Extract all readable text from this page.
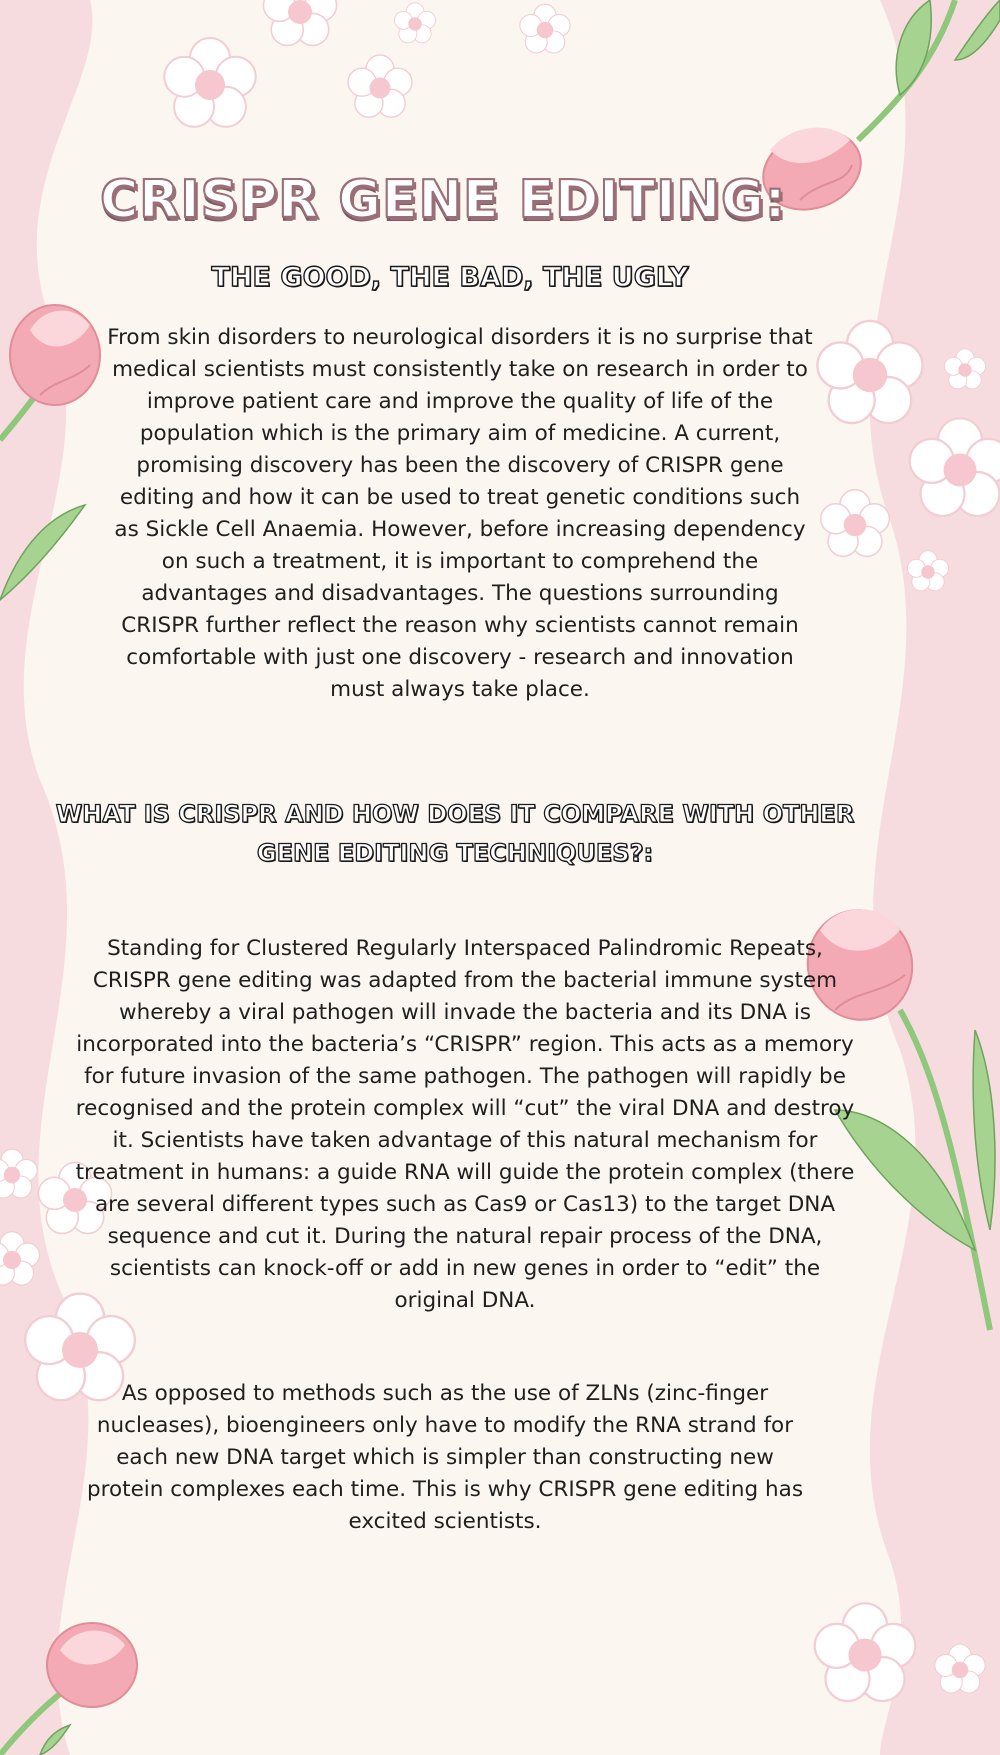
CRISPR GENE EDITING:
THE GOOD, THE BAD, THE UGLY

From skin disorders to neurological disorders it is no surprise that medical scientists must consistently take on research in order to improve patient care and improve the quality of life of the population which is the primary aim of medicine. A current, promising discovery has been the discovery of CRISPR gene editing and how it can be used to treat genetic conditions such as Sickle Cell Anaemia. However, before increasing dependency on such a treatment, it is important to comprehend the advantages and disadvantages. The questions surrounding CRISPR further reflect the reason why scientists cannot remain comfortable with just one discovery - research and innovation must always take place.

WHAT IS CRISPR AND HOW DOES IT COMPARE WITH OTHER GENE EDITING TECHNIQUES?:

Standing for Clustered Regularly Interspaced Palindromic Repeats, CRISPR gene editing was adapted from the bacterial immune system whereby a viral pathogen will invade the bacteria and its DNA is incorporated into the bacteria’s “CRISPR” region. This acts as a memory for future invasion of the same pathogen. The pathogen will rapidly be recognised and the protein complex will “cut” the viral DNA and destroy it. Scientists have taken advantage of this natural mechanism for treatment in humans: a guide RNA will guide the protein complex (there are several different types such as Cas9 or Cas13) to the target DNA sequence and cut it. During the natural repair process of the DNA, scientists can knock-off or add in new genes in order to “edit” the original DNA.

As opposed to methods such as the use of ZLNs (zinc-finger nucleases), bioengineers only have to modify the RNA strand for each new DNA target which is simpler than constructing new protein complexes each time. This is why CRISPR gene editing has excited scientists.
